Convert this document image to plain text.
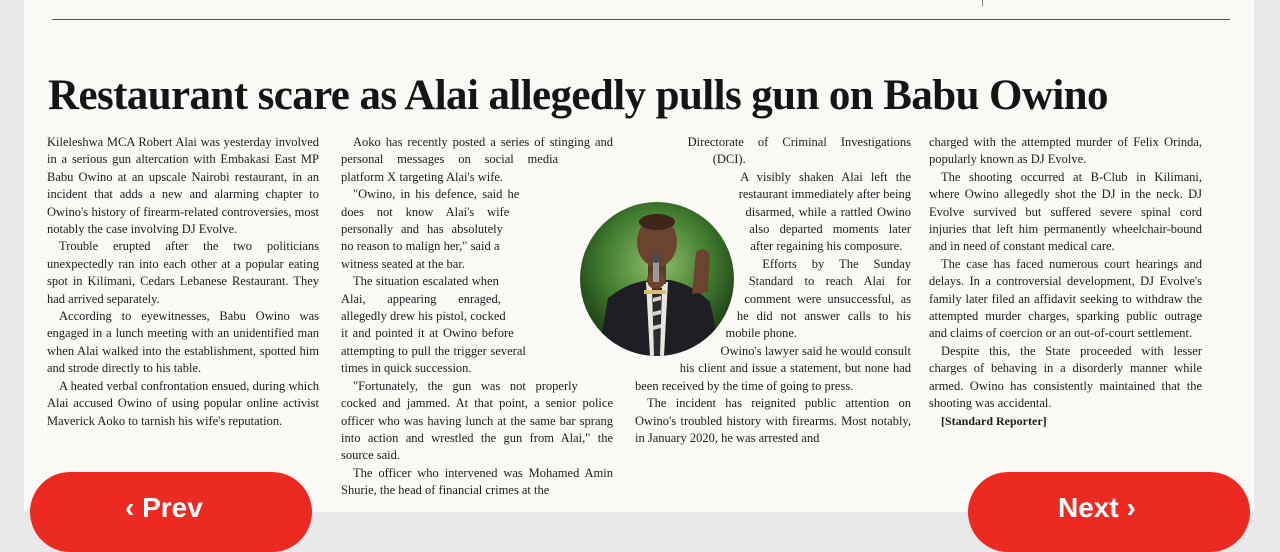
Restaurant scare as Alai allegedly pulls gun on Babu Owino

Kileleshwa MCA Robert Alai was yesterday involved in a serious gun altercation with Embakasi East MP Babu Owino at an upscale Nairobi restaurant, in an incident that adds a new and alarming chapter to Owino's history of firearm-related controversies, most notably the case involving DJ Evolve.

Trouble erupted after the two politicians unexpectedly ran into each other at a popular eating spot in Kilimani, Cedars Lebanese Restaurant. They had arrived separately.

According to eyewitnesses, Babu Owino was engaged in a lunch meeting with an unidentified man when Alai walked into the establishment, spotted him and strode directly to his table.

A heated verbal confrontation ensued, during which Alai accused Owino of using popular online activist Maverick Aoko to tarnish his wife's reputation.

Aoko has recently posted a series of stinging and personal messages on social media platform X targeting Alai's wife.

"Owino, in his defence, said he does not know Alai's wife personally and has absolutely no reason to malign her," said a witness seated at the bar.

The situation escalated when Alai, appearing enraged, allegedly drew his pistol, cocked it and pointed it at Owino before attempting to pull the trigger several times in quick succession.

"Fortunately, the gun was not properly cocked and jammed. At that point, a senior police officer who was having lunch at the same bar sprang into action and wrestled the gun from Alai," the source said.

The officer who intervened was Mohamed Amin Shurie, the head of financial crimes at the

Directorate of Criminal Investigations (DCI).

A visibly shaken Alai left the restaurant immediately after being disarmed, while a rattled Owino also departed moments later after regaining his composure.

Efforts by The Sunday Standard to reach Alai for comment were unsuccessful, as he did not answer calls to his mobile phone.

Owino's lawyer said he would consult his client and issue a statement, but none had been received by the time of going to press.

The incident has reignited public attention on Owino's troubled history with firearms. Most notably, in January 2020, he was arrested and

charged with the attempted murder of Felix Orinda, popularly known as DJ Evolve.

The shooting occurred at B-Club in Kilimani, where Owino allegedly shot the DJ in the neck. DJ Evolve survived but suffered severe spinal cord injuries that left him permanently wheelchair-bound and in need of constant medical care.

The case has faced numerous court hearings and delays. In a controversial development, DJ Evolve's family later filed an affidavit seeking to withdraw the attempted murder charges, sparking public outrage and claims of coercion or an out-of-court settlement.

Despite this, the State proceeded with lesser charges of behaving in a disorderly manner while armed. Owino has consistently maintained that the shooting was accidental.

[Standard Reporter]

‹ Prev	Next ›
